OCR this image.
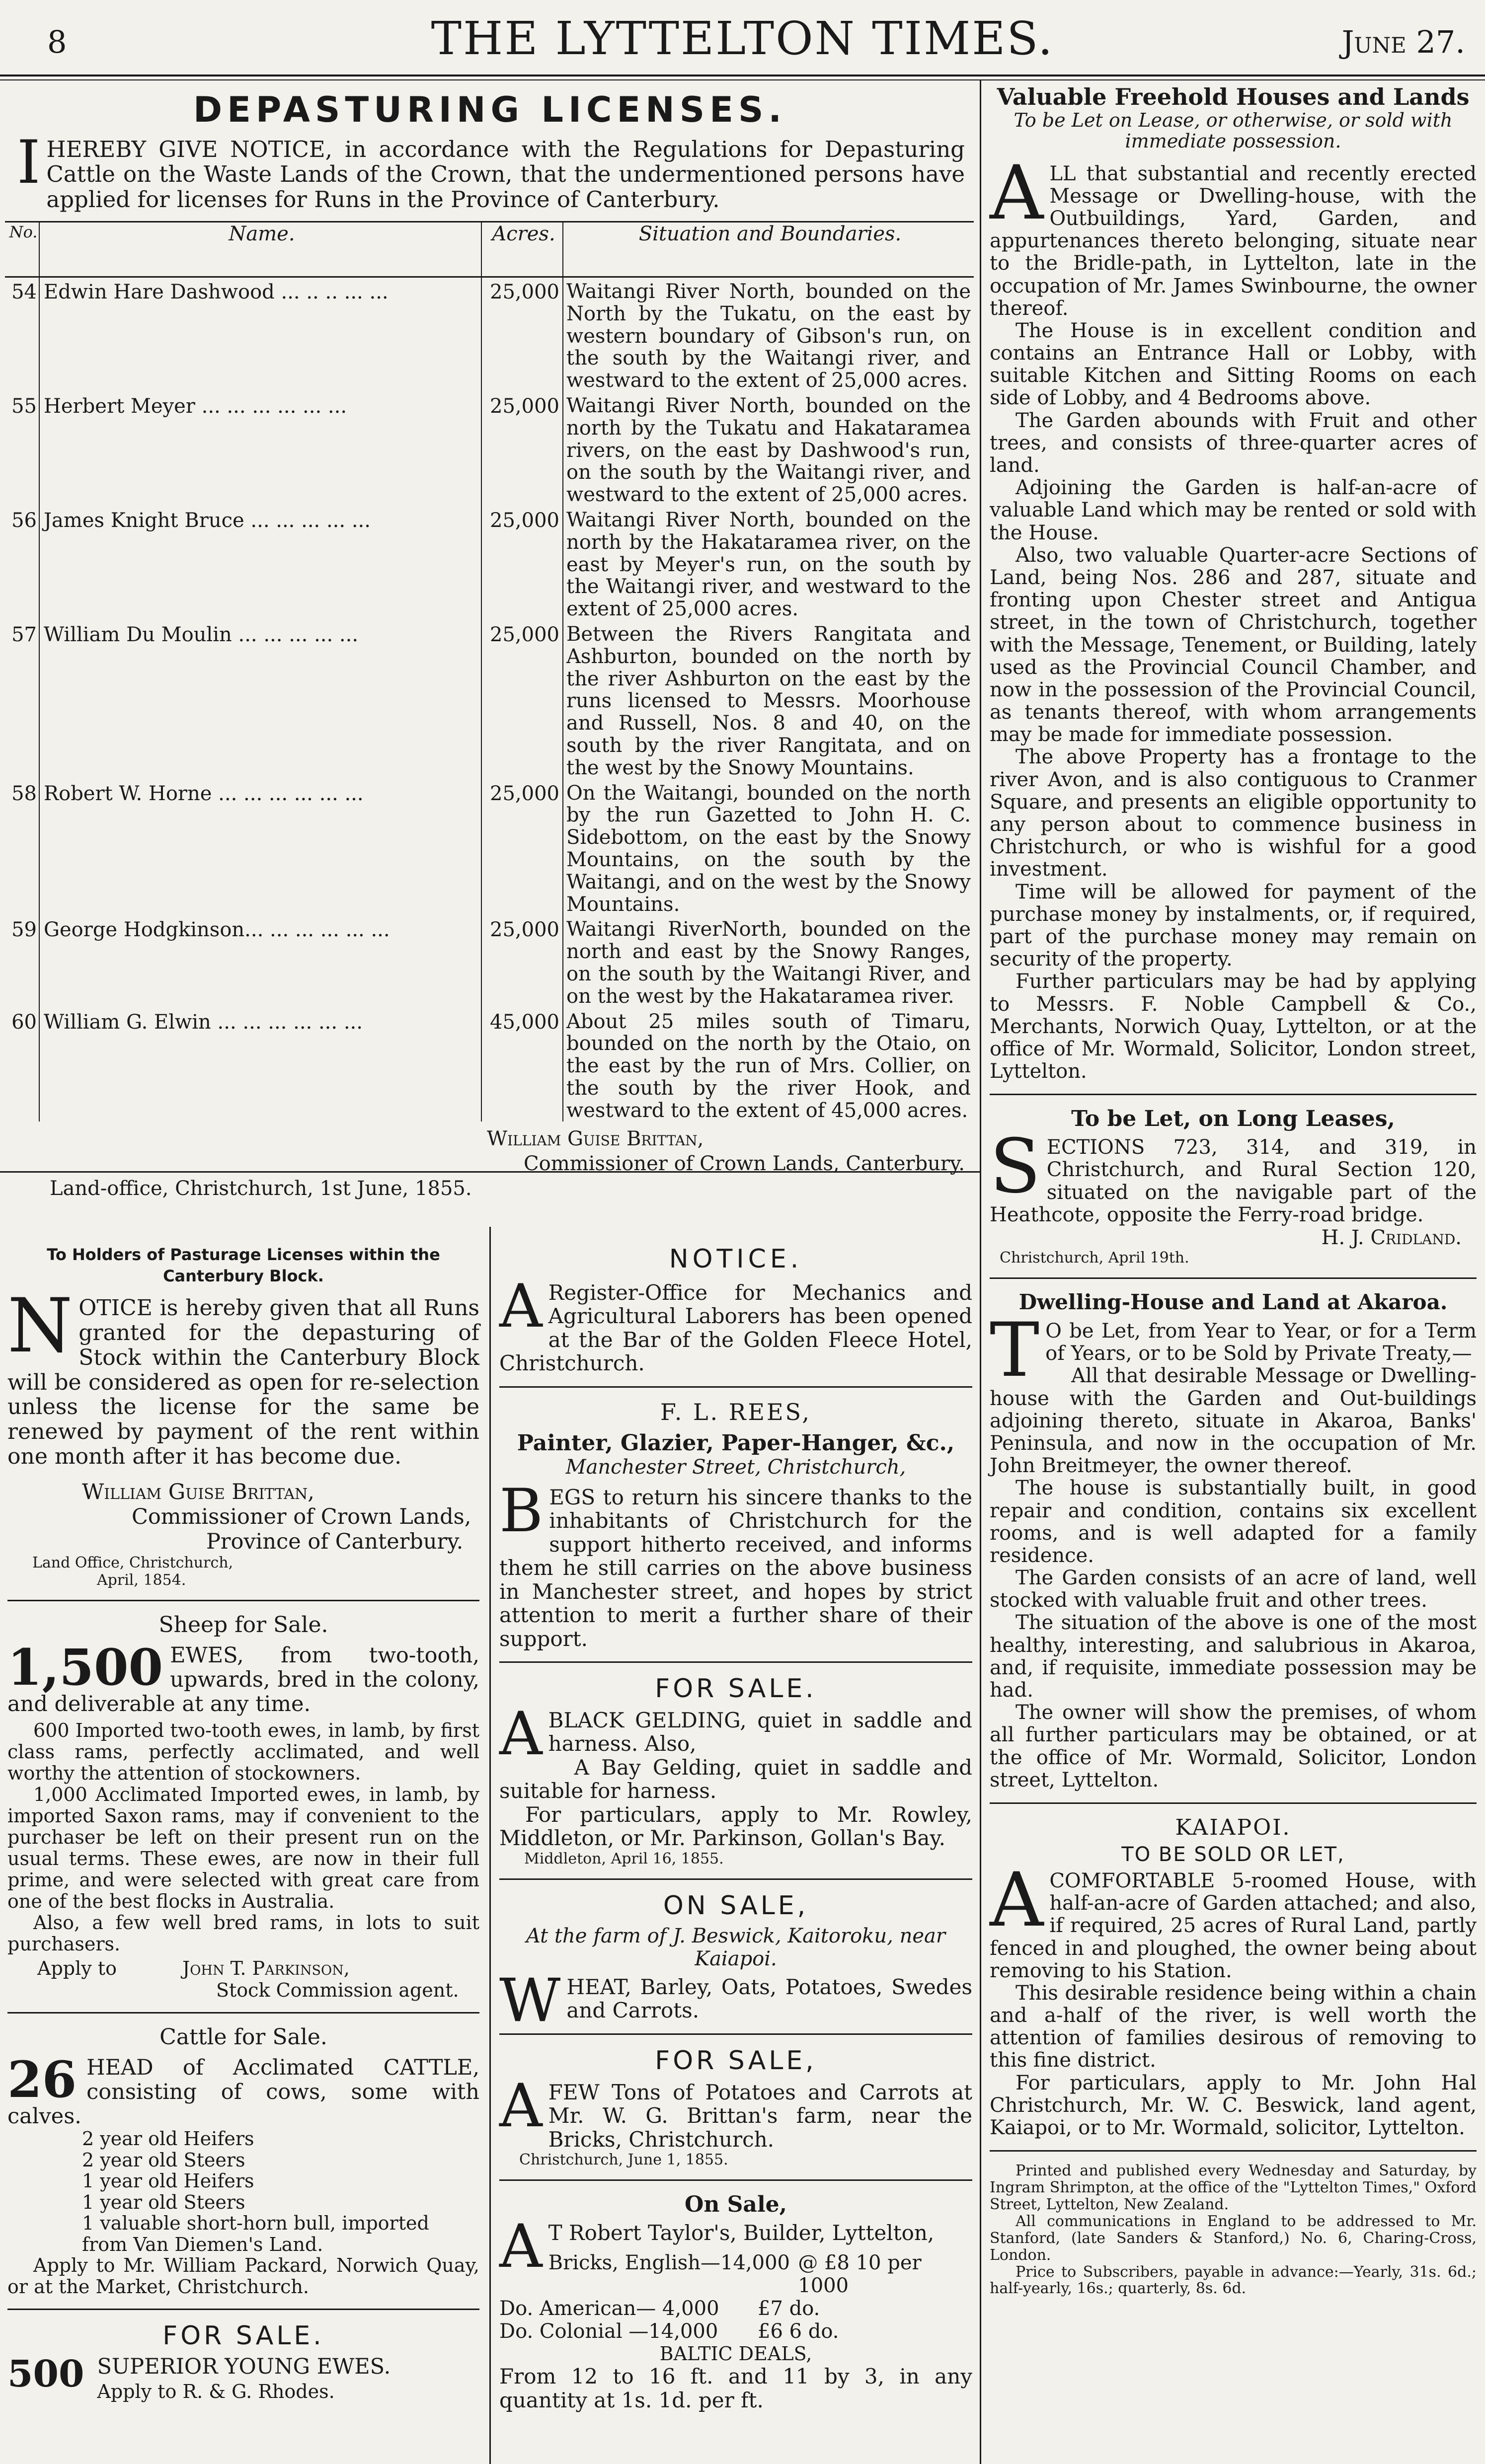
8	THE LYTTELTON TIMES.	June 27.
DEPASTURING LICENSES.

I HEREBY GIVE NOTICE, in accordance with the Regulations for Depasturing Cattle on the Waste Lands of the Crown, that the undermentioned persons have applied for licenses for Runs in the Province of Canterbury.

No.	Name.	Acres.	Situation and Boundaries.
54	Edwin Hare Dashwood ... .. .. ... ...	25,000	Waitangi River North, bounded on the North by the Tukatu, on the east by western boundary of Gibson's run, on the south by the Waitangi river, and westward to the extent of 25,000 acres.
55	Herbert Meyer ... ... ... ... ... ...	25,000	Waitangi River North, bounded on the north by the Tukatu and Hakataramea rivers, on the east by Dashwood's run, on the south by the Waitangi river, and westward to the extent of 25,000 acres.
56	James Knight Bruce ... ... ... ... ...	25,000	Waitangi River North, bounded on the north by the Hakataramea river, on the east by Meyer's run, on the south by the Waitangi river, and westward to the extent of 25,000 acres.
57	William Du Moulin ... ... ... ... ...	25,000	Between the Rivers Rangitata and Ashburton, bounded on the north by the river Ashburton on the east by the runs licensed to Messrs. Moorhouse and Russell, Nos. 8 and 40, on the south by the river Rangitata, and on the west by the Snowy Mountains.
58	Robert W. Horne ... ... ... ... ... ...	25,000	On the Waitangi, bounded on the north by the run Gazetted to John H. C. Sidebottom, on the east by the Snowy Mountains, on the south by the Waitangi, and on the west by the Snowy Mountains.
59	George Hodgkinson... ... ... ... ... ...	25,000	Waitangi RiverNorth, bounded on the north and east by the Snowy Ranges, on the south by the Waitangi River, and on the west by the Hakataramea river.
60	William G. Elwin ... ... ... ... ... ...	45,000	About 25 miles south of Timaru, bounded on the north by the Otaio, on the east by the run of Mrs. Collier, on the south by the river Hook, and westward to the extent of 45,000 acres.
William Guise Brittan,
Commissioner of Crown Lands, Canterbury.
Land-office, Christchurch, 1st June, 1855.
To Holders of Pasturage Licenses within the Canterbury Block.

N OTICE is hereby given that all Runs granted for the depasturing of Stock within the Canterbury Block will be considered as open for re-selection unless the license for the same be renewed by payment of the rent within one month after it has become due.

William Guise Brittan,
Commissioner of Crown Lands,
Province of Canterbury.
Land Office, Christchurch,
April, 1854.
Sheep for Sale.

1,500 EWES, from two-tooth, upwards, bred in the colony, and deliverable at any time.

600 Imported two-tooth ewes, in lamb, by first class rams, perfectly acclimated, and well worthy the attention of stockowners.

1,000 Acclimated Imported ewes, in lamb, by imported Saxon rams, may if convenient to the purchaser be left on their present run on the usual terms. These ewes, are now in their full prime, and were selected with great care from one of the best flocks in Australia.

Also, a few well bred rams, in lots to suit purchasers.

Apply to	John T. Parkinson,
Stock Commission agent.
Cattle for Sale.

26 HEAD of Acclimated CATTLE, consisting of cows, some with calves.

2 year old Heifers
2 year old Steers
1 year old Heifers
1 year old Steers
1 valuable short-horn bull, imported from Van Diemen's Land.

Apply to Mr. William Packard, Norwich Quay, or at the Market, Christchurch.

FOR SALE.

500 SUPERIOR YOUNG EWES.
Apply to R. & G. Rhodes.

NOTICE.

A Register-Office for Mechanics and Agricultural Laborers has been opened at the Bar of the Golden Fleece Hotel, Christchurch.

F. L. REES,
Painter, Glazier, Paper-Hanger, &c.,
Manchester Street, Christchurch,

B EGS to return his sincere thanks to the inhabitants of Christchurch for the support hitherto received, and informs them he still carries on the above business in Manchester street, and hopes by strict attention to merit a further share of their support.

FOR SALE.

A BLACK GELDING, quiet in saddle and harness. Also,

A Bay Gelding, quiet in saddle and suitable for harness.

For particulars, apply to Mr. Rowley, Middleton, or Mr. Parkinson, Gollan's Bay.

Middleton, April 16, 1855.
ON SALE,
At the farm of J. Beswick, Kaitoroku, near Kaiapoi.

W HEAT, Barley, Oats, Potatoes, Swedes and Carrots.

FOR SALE,

A FEW Tons of Potatoes and Carrots at Mr. W. G. Brittan's farm, near the Bricks, Christchurch.

Christchurch, June 1, 1855.
On Sale,

A T Robert Taylor's, Builder, Lyttelton,

Bricks, English—14,000 @ £8 10 per 1000
Do. American— 4,000	£7 do.
Do. Colonial —14,000	£6 6 do.
BALTIC DEALS,

From 12 to 16 ft. and 11 by 3, in any quantity at 1s. 1d. per ft.

Valuable Freehold Houses and Lands
To be Let on Lease, or otherwise, or sold with immediate possession.

A LL that substantial and recently erected Message or Dwelling-house, with the Outbuildings, Yard, Garden, and appurtenances thereto belonging, situate near to the Bridle-path, in Lyttelton, late in the occupation of Mr. James Swinbourne, the owner thereof.

The House is in excellent condition and contains an Entrance Hall or Lobby, with suitable Kitchen and Sitting Rooms on each side of Lobby, and 4 Bedrooms above.

The Garden abounds with Fruit and other trees, and consists of three-quarter acres of land.

Adjoining the Garden is half-an-acre of valuable Land which may be rented or sold with the House.

Also, two valuable Quarter-acre Sections of Land, being Nos. 286 and 287, situate and fronting upon Chester street and Antigua street, in the town of Christchurch, together with the Message, Tenement, or Building, lately used as the Provincial Council Chamber, and now in the possession of the Provincial Council, as tenants thereof, with whom arrangements may be made for immediate possession.

The above Property has a frontage to the river Avon, and is also contiguous to Cranmer Square, and presents an eligible opportunity to any person about to commence business in Christchurch, or who is wishful for a good investment.

Time will be allowed for payment of the purchase money by instalments, or, if required, part of the purchase money may remain on security of the property.

Further particulars may be had by applying to Messrs. F. Noble Campbell & Co., Merchants, Norwich Quay, Lyttelton, or at the office of Mr. Wormald, Solicitor, London street, Lyttelton.

To be Let, on Long Leases,

S ECTIONS 723, 314, and 319, in Christchurch, and Rural Section 120, situated on the navigable part of the Heathcote, opposite the Ferry-road bridge.

H. J. Cridland.
Christchurch, April 19th.
Dwelling-House and Land at Akaroa.

T O be Let, from Year to Year, or for a Term of Years, or to be Sold by Private Treaty,—

All that desirable Message or Dwelling-house with the Garden and Out-buildings adjoining thereto, situate in Akaroa, Banks' Peninsula, and now in the occupation of Mr. John Breitmeyer, the owner thereof.

The house is substantially built, in good repair and condition, contains six excellent rooms, and is well adapted for a family residence.

The Garden consists of an acre of land, well stocked with valuable fruit and other trees.

The situation of the above is one of the most healthy, interesting, and salubrious in Akaroa, and, if requisite, immediate possession may be had.

The owner will show the premises, of whom all further particulars may be obtained, or at the office of Mr. Wormald, Solicitor, London street, Lyttelton.

KAIAPOI.
TO BE SOLD OR LET,

A COMFORTABLE 5-roomed House, with half-an-acre of Garden attached; and also, if required, 25 acres of Rural Land, partly fenced in and ploughed, the owner being about removing to his Station.

This desirable residence being within a chain and a-half of the river, is well worth the attention of families desirous of removing to this fine district.

For particulars, apply to Mr. John Hal Christchurch, Mr. W. C. Beswick, land agent, Kaiapoi, or to Mr. Wormald, solicitor, Lyttelton.

Printed and published every Wednesday and Saturday, by Ingram Shrimpton, at the office of the "Lyttelton Times," Oxford Street, Lyttelton, New Zealand.

All communications in England to be addressed to Mr. Stanford, (late Sanders & Stanford,) No. 6, Charing-Cross, London.

Price to Subscribers, payable in advance:—Yearly, 31s. 6d.; half-yearly, 16s.; quarterly, 8s. 6d.
